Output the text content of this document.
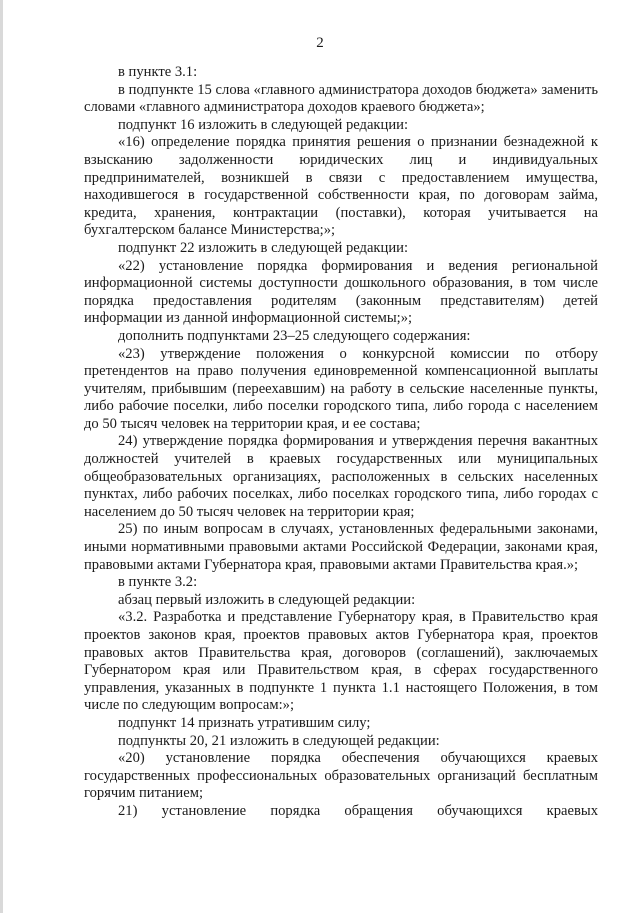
2

в пункте 3.1:

в подпункте 15 слова «главного администратора доходов бюджета» заменить словами «главного администратора доходов краевого бюджета»;

подпункт 16 изложить в следующей редакции:

«16) определение порядка принятия решения о признании безнадежной к взысканию задолженности юридических лиц и индивидуальных предпринимателей, возникшей в связи с предоставлением имущества, находившегося в государственной собственности края, по договорам займа, кредита, хранения, контрактации (поставки), которая учитывается на бухгалтерском балансе Министерства;»;

подпункт 22 изложить в следующей редакции:

«22) установление порядка формирования и ведения региональной информационной системы доступности дошкольного образования, в том числе порядка предоставления родителям (законным представителям) детей информации из данной информационной системы;»;

дополнить подпунктами 23–25 следующего содержания:

«23) утверждение положения о конкурсной комиссии по отбору претендентов на право получения единовременной компенсационной выплаты учителям, прибывшим (переехавшим) на работу в сельские населенные пункты, либо рабочие поселки, либо поселки городского типа, либо города с населением до 50 тысяч человек на территории края, и ее состава;

24) утверждение порядка формирования и утверждения перечня вакантных должностей учителей в краевых государственных или муниципальных общеобразовательных организациях, расположенных в сельских населенных пунктах, либо рабочих поселках, либо поселках городского типа, либо городах с населением до 50 тысяч человек на территории края;

25) по иным вопросам в случаях, установленных федеральными законами, иными нормативными правовыми актами Российской Федерации, законами края, правовыми актами Губернатора края, правовыми актами Правительства края.»;

в пункте 3.2:

абзац первый изложить в следующей редакции:

«3.2. Разработка и представление Губернатору края, в Правительство края проектов законов края, проектов правовых актов Губернатора края, проектов правовых актов Правительства края, договоров (соглашений), заключаемых Губернатором края или Правительством края, в сферах государственного управления, указанных в подпункте 1 пункта 1.1 настоящего Положения, в том числе по следующим вопросам:»;

подпункт 14 признать утратившим силу;

подпункты 20, 21 изложить в следующей редакции:

«20) установление порядка обеспечения обучающихся краевых государственных профессиональных образовательных организаций бесплатным горячим питанием;

21) установление порядка обращения обучающихся краевых
